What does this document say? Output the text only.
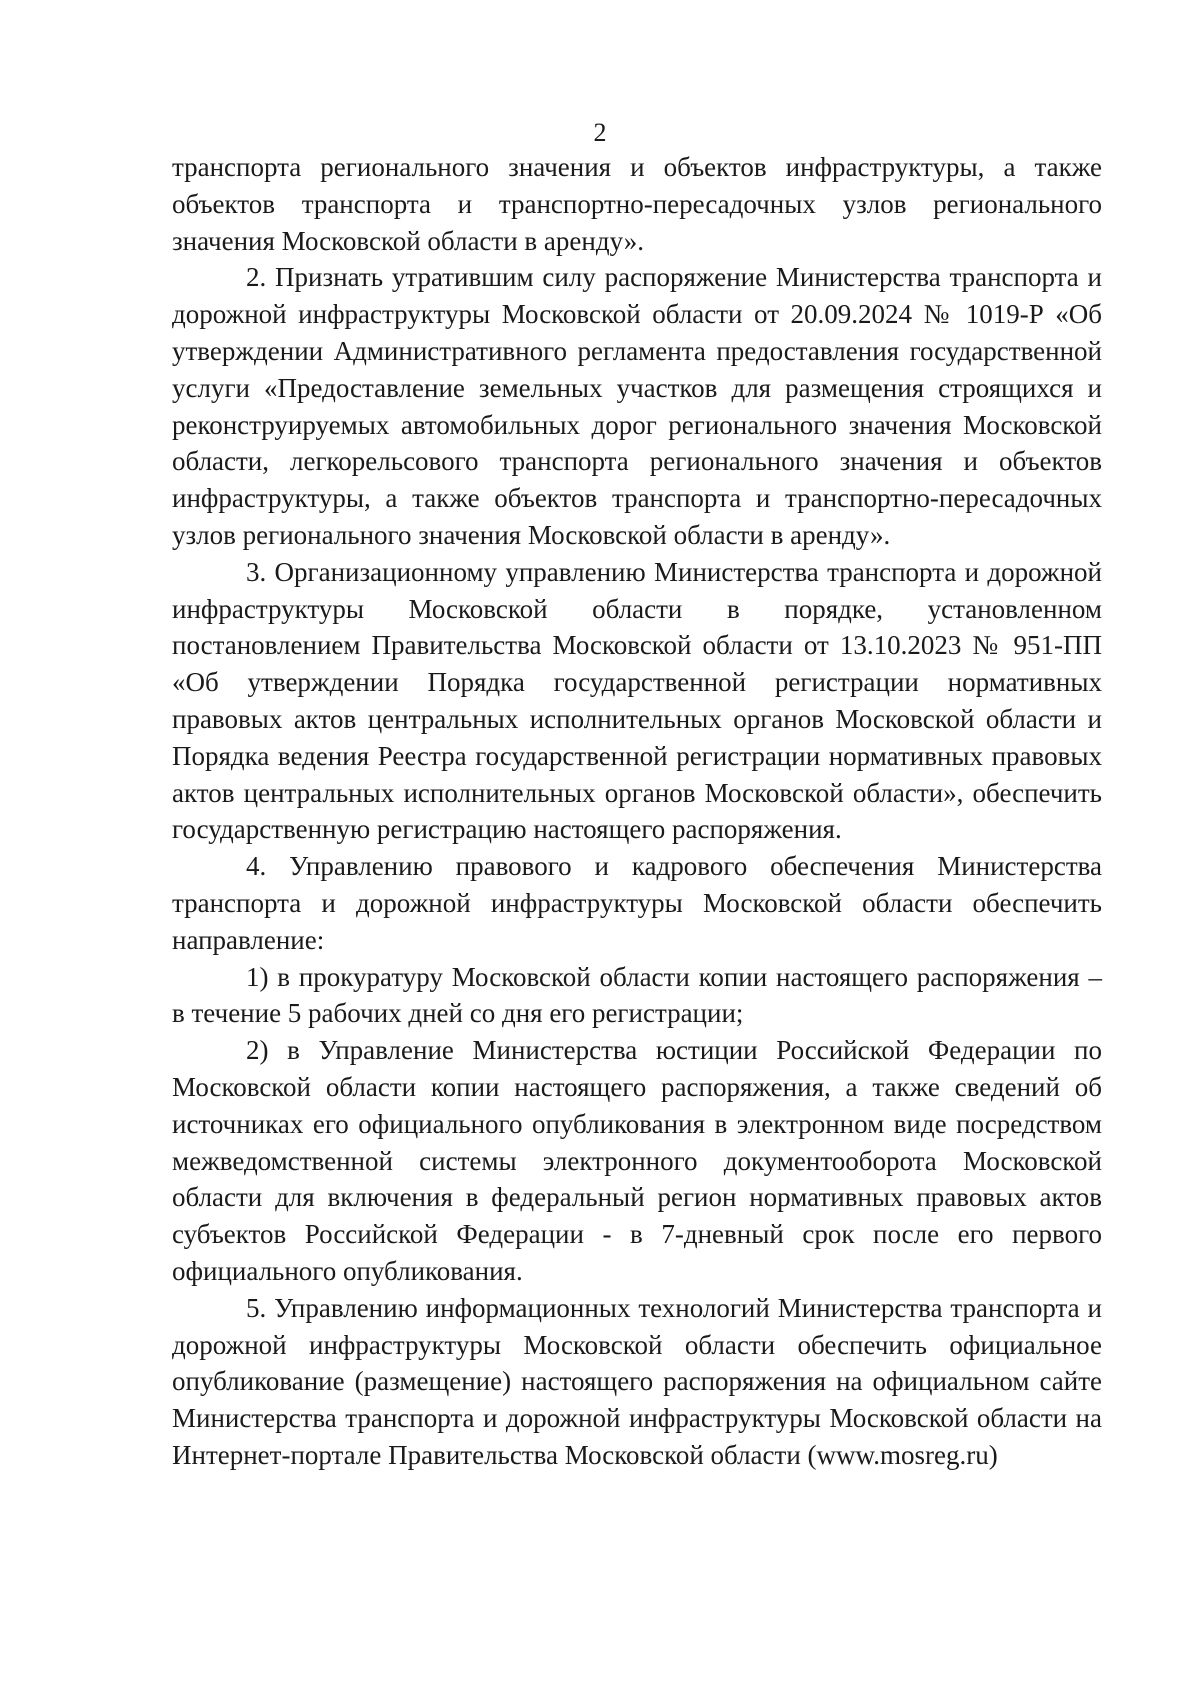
2

транспорта регионального значения и объектов инфраструктуры, а также объектов транспорта и транспортно-пересадочных узлов регионального значения Московской области в аренду».

2. Признать утратившим силу распоряжение Министерства транспорта и дорожной инфраструктуры Московской области от 20.09.2024 № 1019-Р «Об утверждении Административного регламента предоставления государственной услуги «Предоставление земельных участков для размещения строящихся и реконструируемых автомобильных дорог регионального значения Московской области, легкорельсового транспорта регионального значения и объектов инфраструктуры, а также объектов транспорта и транспортно-пересадочных узлов регионального значения Московской области в аренду».

3. Организационному управлению Министерства транспорта и дорожной инфраструктуры Московской области в порядке, установленном постановлением Правительства Московской области от 13.10.2023 № 951-ПП «Об утверждении Порядка государственной регистрации нормативных правовых актов центральных исполнительных органов Московской области и Порядка ведения Реестра государственной регистрации нормативных правовых актов центральных исполнительных органов Московской области», обеспечить государственную регистрацию настоящего распоряжения.

4. Управлению правового и кадрового обеспечения Министерства транспорта и дорожной инфраструктуры Московской области обеспечить направление:

1) в прокуратуру Московской области копии настоящего распоряжения – в течение 5 рабочих дней со дня его регистрации;

2) в Управление Министерства юстиции Российской Федерации по Московской области копии настоящего распоряжения, а также сведений об источниках его официального опубликования в электронном виде посредством межведомственной системы электронного документооборота Московской области для включения в федеральный регион нормативных правовых актов субъектов Российской Федерации - в 7-дневный срок после его первого официального опубликования.

5. Управлению информационных технологий Министерства транспорта и дорожной инфраструктуры Московской области обеспечить официальное опубликование (размещение) настоящего распоряжения на официальном сайте Министерства транспорта и дорожной инфраструктуры Московской области на Интернет-портале Правительства Московской области (www.mosreg.ru)
